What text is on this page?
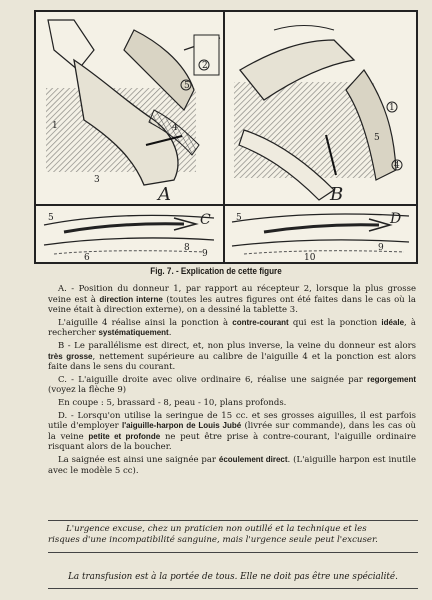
A
1
2
3
4
5
B
1
4
5
C
5
6
8
9
D
5
9
10
Fig. 7. - Explication de cette figure

A. - Position du donneur 1, par rapport au récepteur 2, lorsque la plus grosse veine est à direction interne (toutes les autres figures ont été faites dans le cas où la veine était à direction externe), on a dessiné la tablette 3.

L'aiguille 4 réalise ainsi la ponction à contre-courant qui est la ponction idéale, à rechercher systématiquement.

B - Le parallélisme est direct, et, non plus inverse, la veine du donneur est alors très grosse, nettement supérieure au calibre de l'aiguille 4 et la ponction est alors faite dans le sens du courant.

C. - L'aiguille droite avec olive ordinaire 6, réalise une saignée par regorgement (voyez la flèche 9)

En coupe : 5, brassard - 8, peau - 10, plans profonds.

D. - Lorsqu'on utilise la seringue de 15 cc. et ses grosses aiguilles, il est parfois utile d'employer l'aiguille-harpon de Louis Jubé (livrée sur commande), dans les cas où la veine petite et profonde ne peut être prise à contre-courant, l'aiguille ordinaire risquant alors de la boucher.

La saignée est ainsi une saignée par écoulement direct. (L'aiguille harpon est inutile avec le modèle 5 cc).

L'urgence excuse, chez un praticien non outillé et la technique et les
risques d'une incompatibilité sanguine, mais l'urgence seule peut l'excuser.
La transfusion est à la portée de tous. Elle ne doit pas être une spécialité.
